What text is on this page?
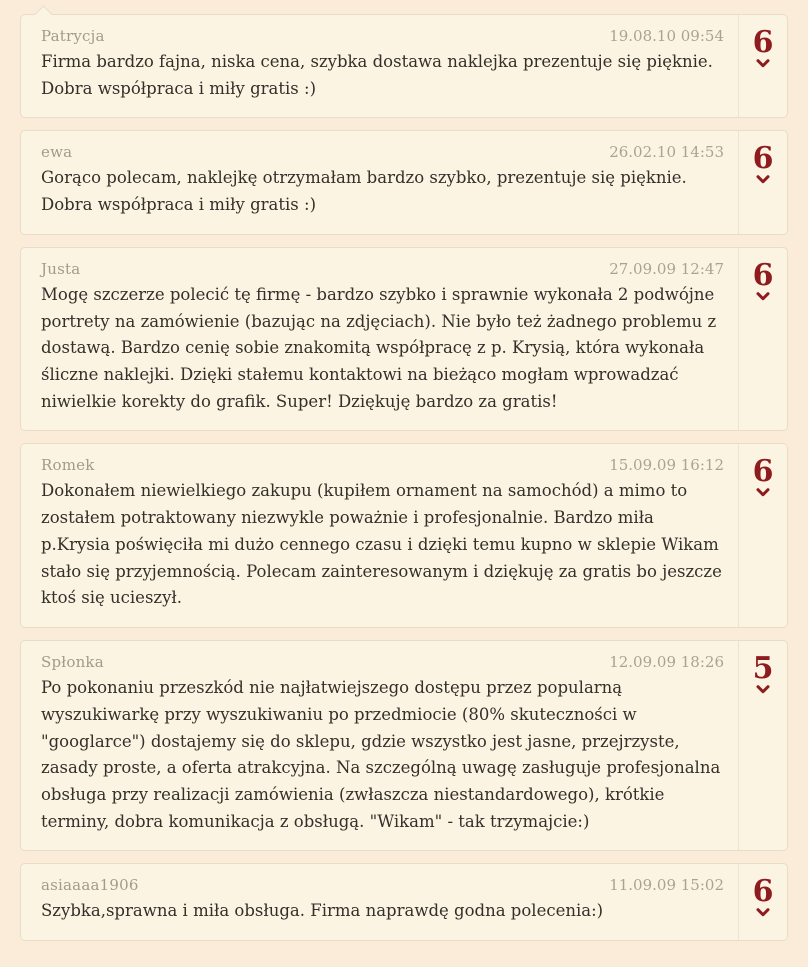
Patrycja	19.08.10 09:54

Firma bardzo fajna, niska cena, szybka dostawa naklejka prezentuje się pięknie. Dobra współpraca i miły gratis :)

6
ewa	26.02.10 14:53

Gorąco polecam, naklejkę otrzymałam bardzo szybko, prezentuje się pięknie. Dobra współpraca i miły gratis :)

6
Justa	27.09.09 12:47

Mogę szczerze polecić tę firmę - bardzo szybko i sprawnie wykonała 2 podwójne portrety na zamówienie (bazując na zdjęciach). Nie było też żadnego problemu z dostawą. Bardzo cenię sobie znakomitą współpracę z p. Krysią, która wykonała śliczne naklejki. Dzięki stałemu kontaktowi na bieżąco mogłam wprowadzać niwielkie korekty do grafik. Super! Dziękuję bardzo za gratis!

6
Romek	15.09.09 16:12

Dokonałem niewielkiego zakupu (kupiłem ornament na samochód) a mimo to zostałem potraktowany niezwykle poważnie i profesjonalnie. Bardzo miła p.Krysia poświęciła mi dużo cennego czasu i dzięki temu kupno w sklepie Wikam stało się przyjemnością. Polecam zainteresowanym i dziękuję za gratis bo jeszcze ktoś się ucieszył.

6
Spłonka	12.09.09 18:26

Po pokonaniu przeszkód nie najłatwiejszego dostępu przez popularną wyszukiwarkę przy wyszukiwaniu po przedmiocie (80% skuteczności w "googlarce") dostajemy się do sklepu, gdzie wszystko jest jasne, przejrzyste, zasady proste, a oferta atrakcyjna. Na szczególną uwagę zasługuje profesjonalna obsługa przy realizacji zamówienia (zwłaszcza niestandardowego), krótkie terminy, dobra komunikacja z obsługą. "Wikam" - tak trzymajcie:)

5
asiaaaa1906	11.09.09 15:02

Szybka,sprawna i miła obsługa. Firma naprawdę godna polecenia:)

6
